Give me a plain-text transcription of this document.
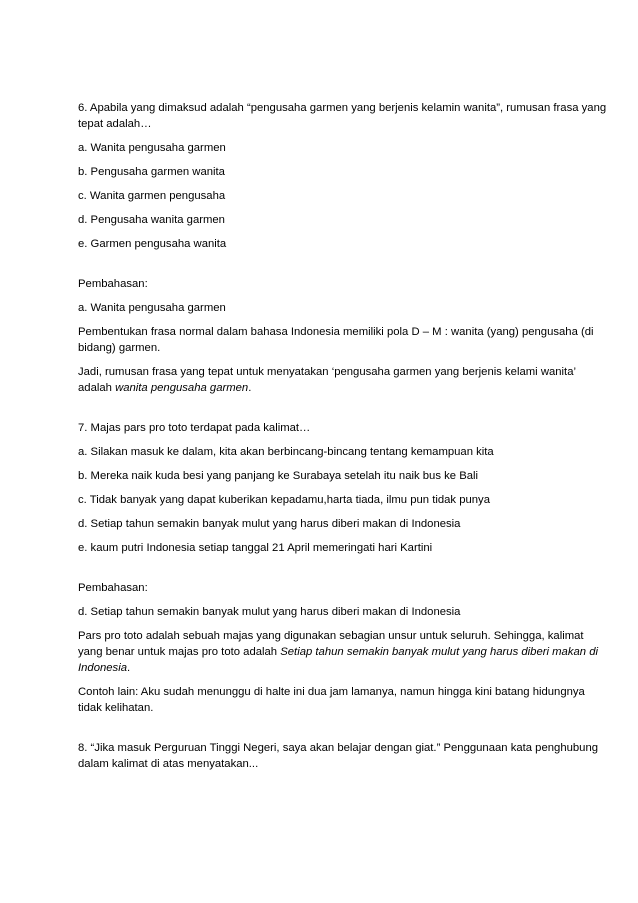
6. Apabila yang dimaksud adalah “pengusaha garmen yang berjenis kelamin wanita”, rumusan frasa yang tepat adalah…

a. Wanita pengusaha garmen

b. Pengusaha garmen wanita

c. Wanita garmen pengusaha

d. Pengusaha wanita garmen

e. Garmen pengusaha wanita

Pembahasan:

a. Wanita pengusaha garmen

Pembentukan frasa normal dalam bahasa Indonesia memiliki pola D – M : wanita (yang) pengusaha (di bidang) garmen.

Jadi, rumusan frasa yang tepat untuk menyatakan ‘pengusaha garmen yang berjenis kelami wanita’ adalah wanita pengusaha garmen.

7. Majas pars pro toto terdapat pada kalimat…

a. Silakan masuk ke dalam, kita akan berbincang-bincang tentang kemampuan kita

b. Mereka naik kuda besi yang panjang ke Surabaya setelah itu naik bus ke Bali

c. Tidak banyak yang dapat kuberikan kepadamu,harta tiada, ilmu pun tidak punya

d. Setiap tahun semakin banyak mulut yang harus diberi makan di Indonesia

e. kaum putri Indonesia setiap tanggal 21 April memeringati hari Kartini

Pembahasan:

d. Setiap tahun semakin banyak mulut yang harus diberi makan di Indonesia

Pars pro toto adalah sebuah majas yang digunakan sebagian unsur untuk seluruh. Sehingga, kalimat yang benar untuk majas pro toto adalah Setiap tahun semakin banyak mulut yang harus diberi makan di Indonesia.

Contoh lain: Aku sudah menunggu di halte ini dua jam lamanya, namun hingga kini batang hidungnya tidak kelihatan.

8. “Jika masuk Perguruan Tinggi Negeri, saya akan belajar dengan giat.” Penggunaan kata penghubung dalam kalimat di atas menyatakan...
